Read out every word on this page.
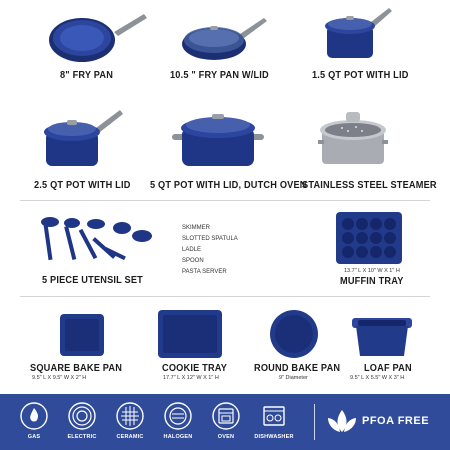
8" FRY PAN	10.5 " FRY PAN W/LID	1.5 QT POT WITH LID
2.5 QT POT WITH LID 5 QT POT WITH LID, DUTCH OVEN
STAINLESS STEEL STEAMER
5 PIECE UTENSIL SET
SKIMMER
SLOTTED SPATULA
LADLE
SPOON
PASTA SERVER	13.7" L X 10" W X 1" H
MUFFIN TRAY
SQUARE BAKE PAN
9.5" L X 9.5" W X 2" H
COOKIE TRAY
17.7" L X 12" W X 1" H
ROUND BAKE PAN
9" Diameter
LOAF PAN
9.5" L X 5.5" W X 3" H
GAS	ELECTRIC	CERAMIC	HALOGEN	OVEN	DISHWASHER
PFOA FREE
